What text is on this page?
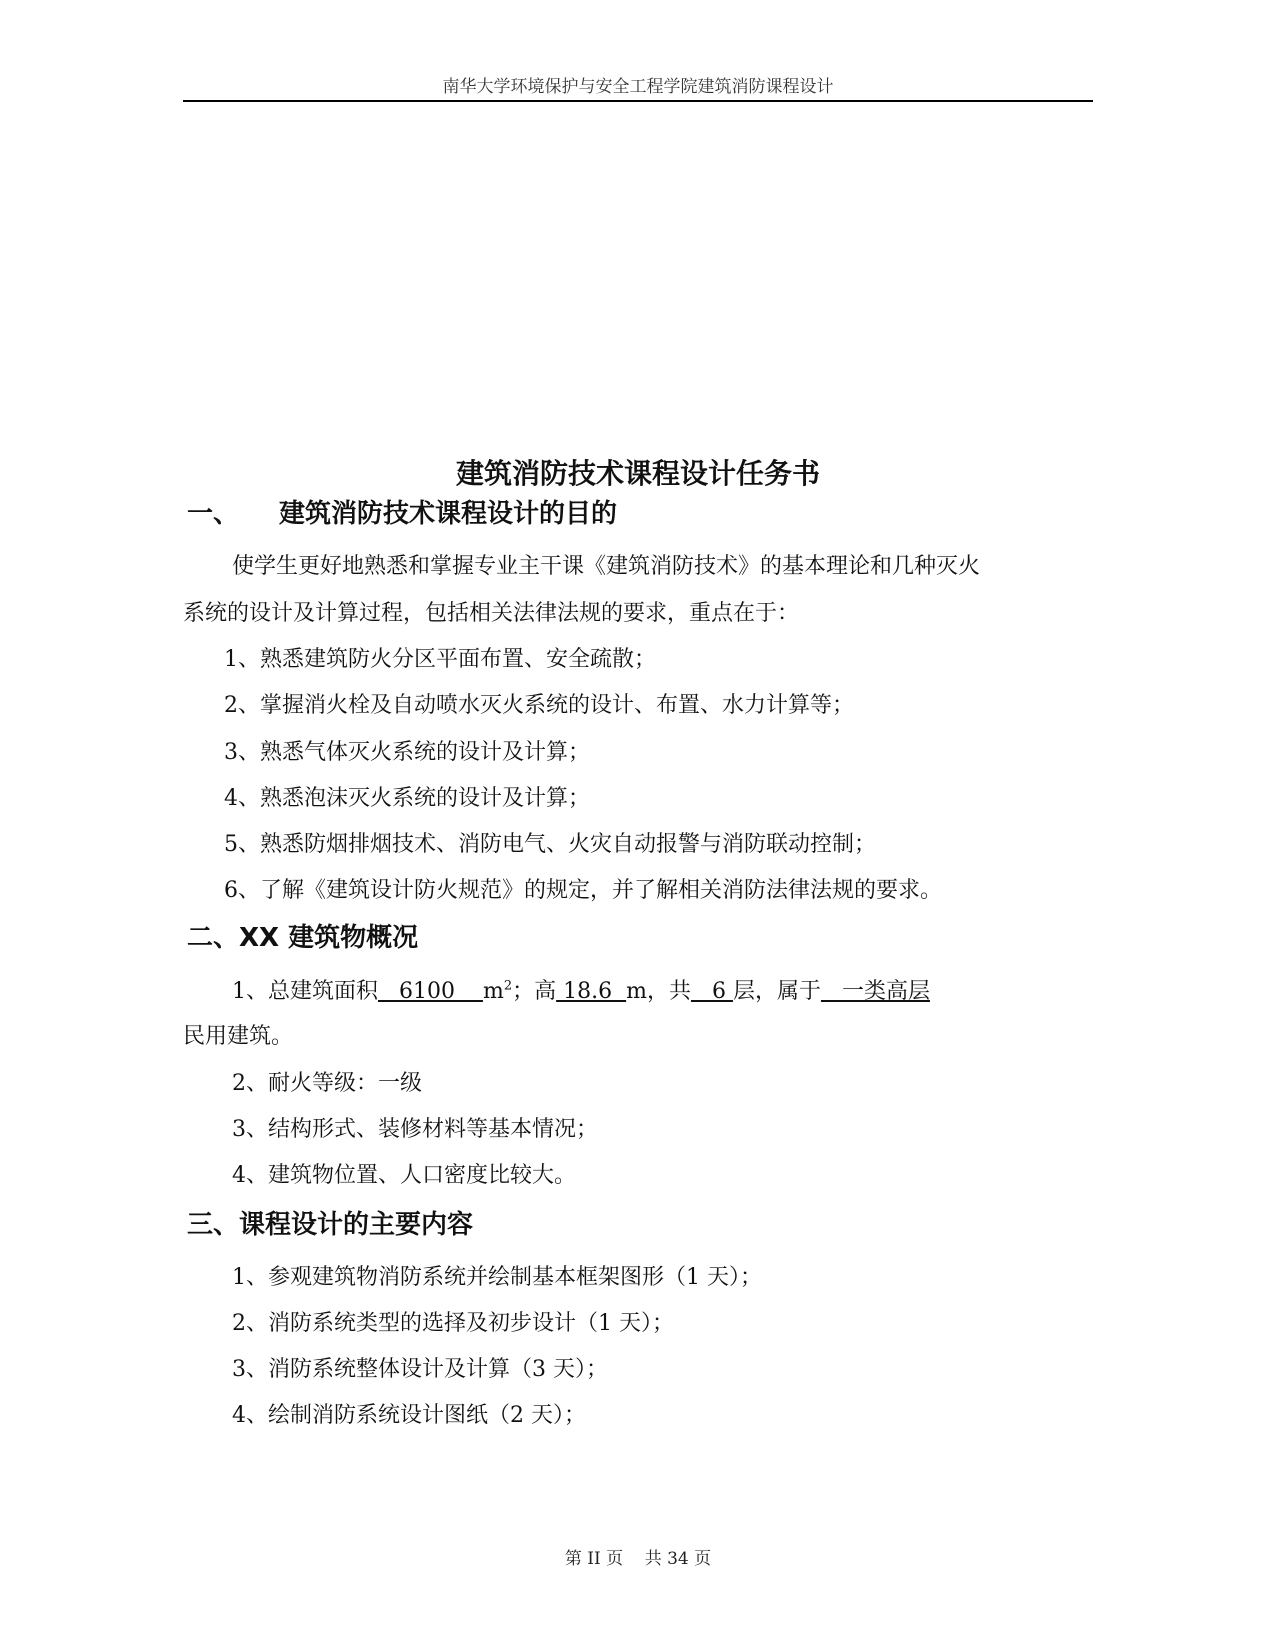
南华大学环境保护与安全工程学院建筑消防课程设计
建筑消防技术课程设计任务书
一、 建筑消防技术课程设计的目的
使学生更好地熟悉和掌握专业主干课《建筑消防技术》的基本理论和几种灭火
系统的设计及计算过程，包括相关法律法规的要求，重点在于：
1、熟悉建筑防火分区平面布置、安全疏散；
2、掌握消火栓及自动喷水灭火系统的设计、布置、水力计算等；
3、熟悉气体灭火系统的设计及计算；
4、熟悉泡沫灭火系统的设计及计算；
5、熟悉防烟排烟技术、消防电气、火灾自动报警与消防联动控制；
6、了解《建筑设计防火规范》的规定，并了解相关消防法律法规的要求。
二、XX 建筑物概况
1、总建筑面积   6100    $m^2$；高 18.6  m，共   6 层，属于   一类高层
民用建筑。
2、耐火等级：一级
3、结构形式、装修材料等基本情况；
4、建筑物位置、人口密度比较大。
三、课程设计的主要内容
1、参观建筑物消防系统并绘制基本框架图形（1 天）；
2、消防系统类型的选择及初步设计（1 天）；
3、消防系统整体设计及计算（3 天）；
4、绘制消防系统设计图纸（2 天）；
第 II 页 共 34 页
